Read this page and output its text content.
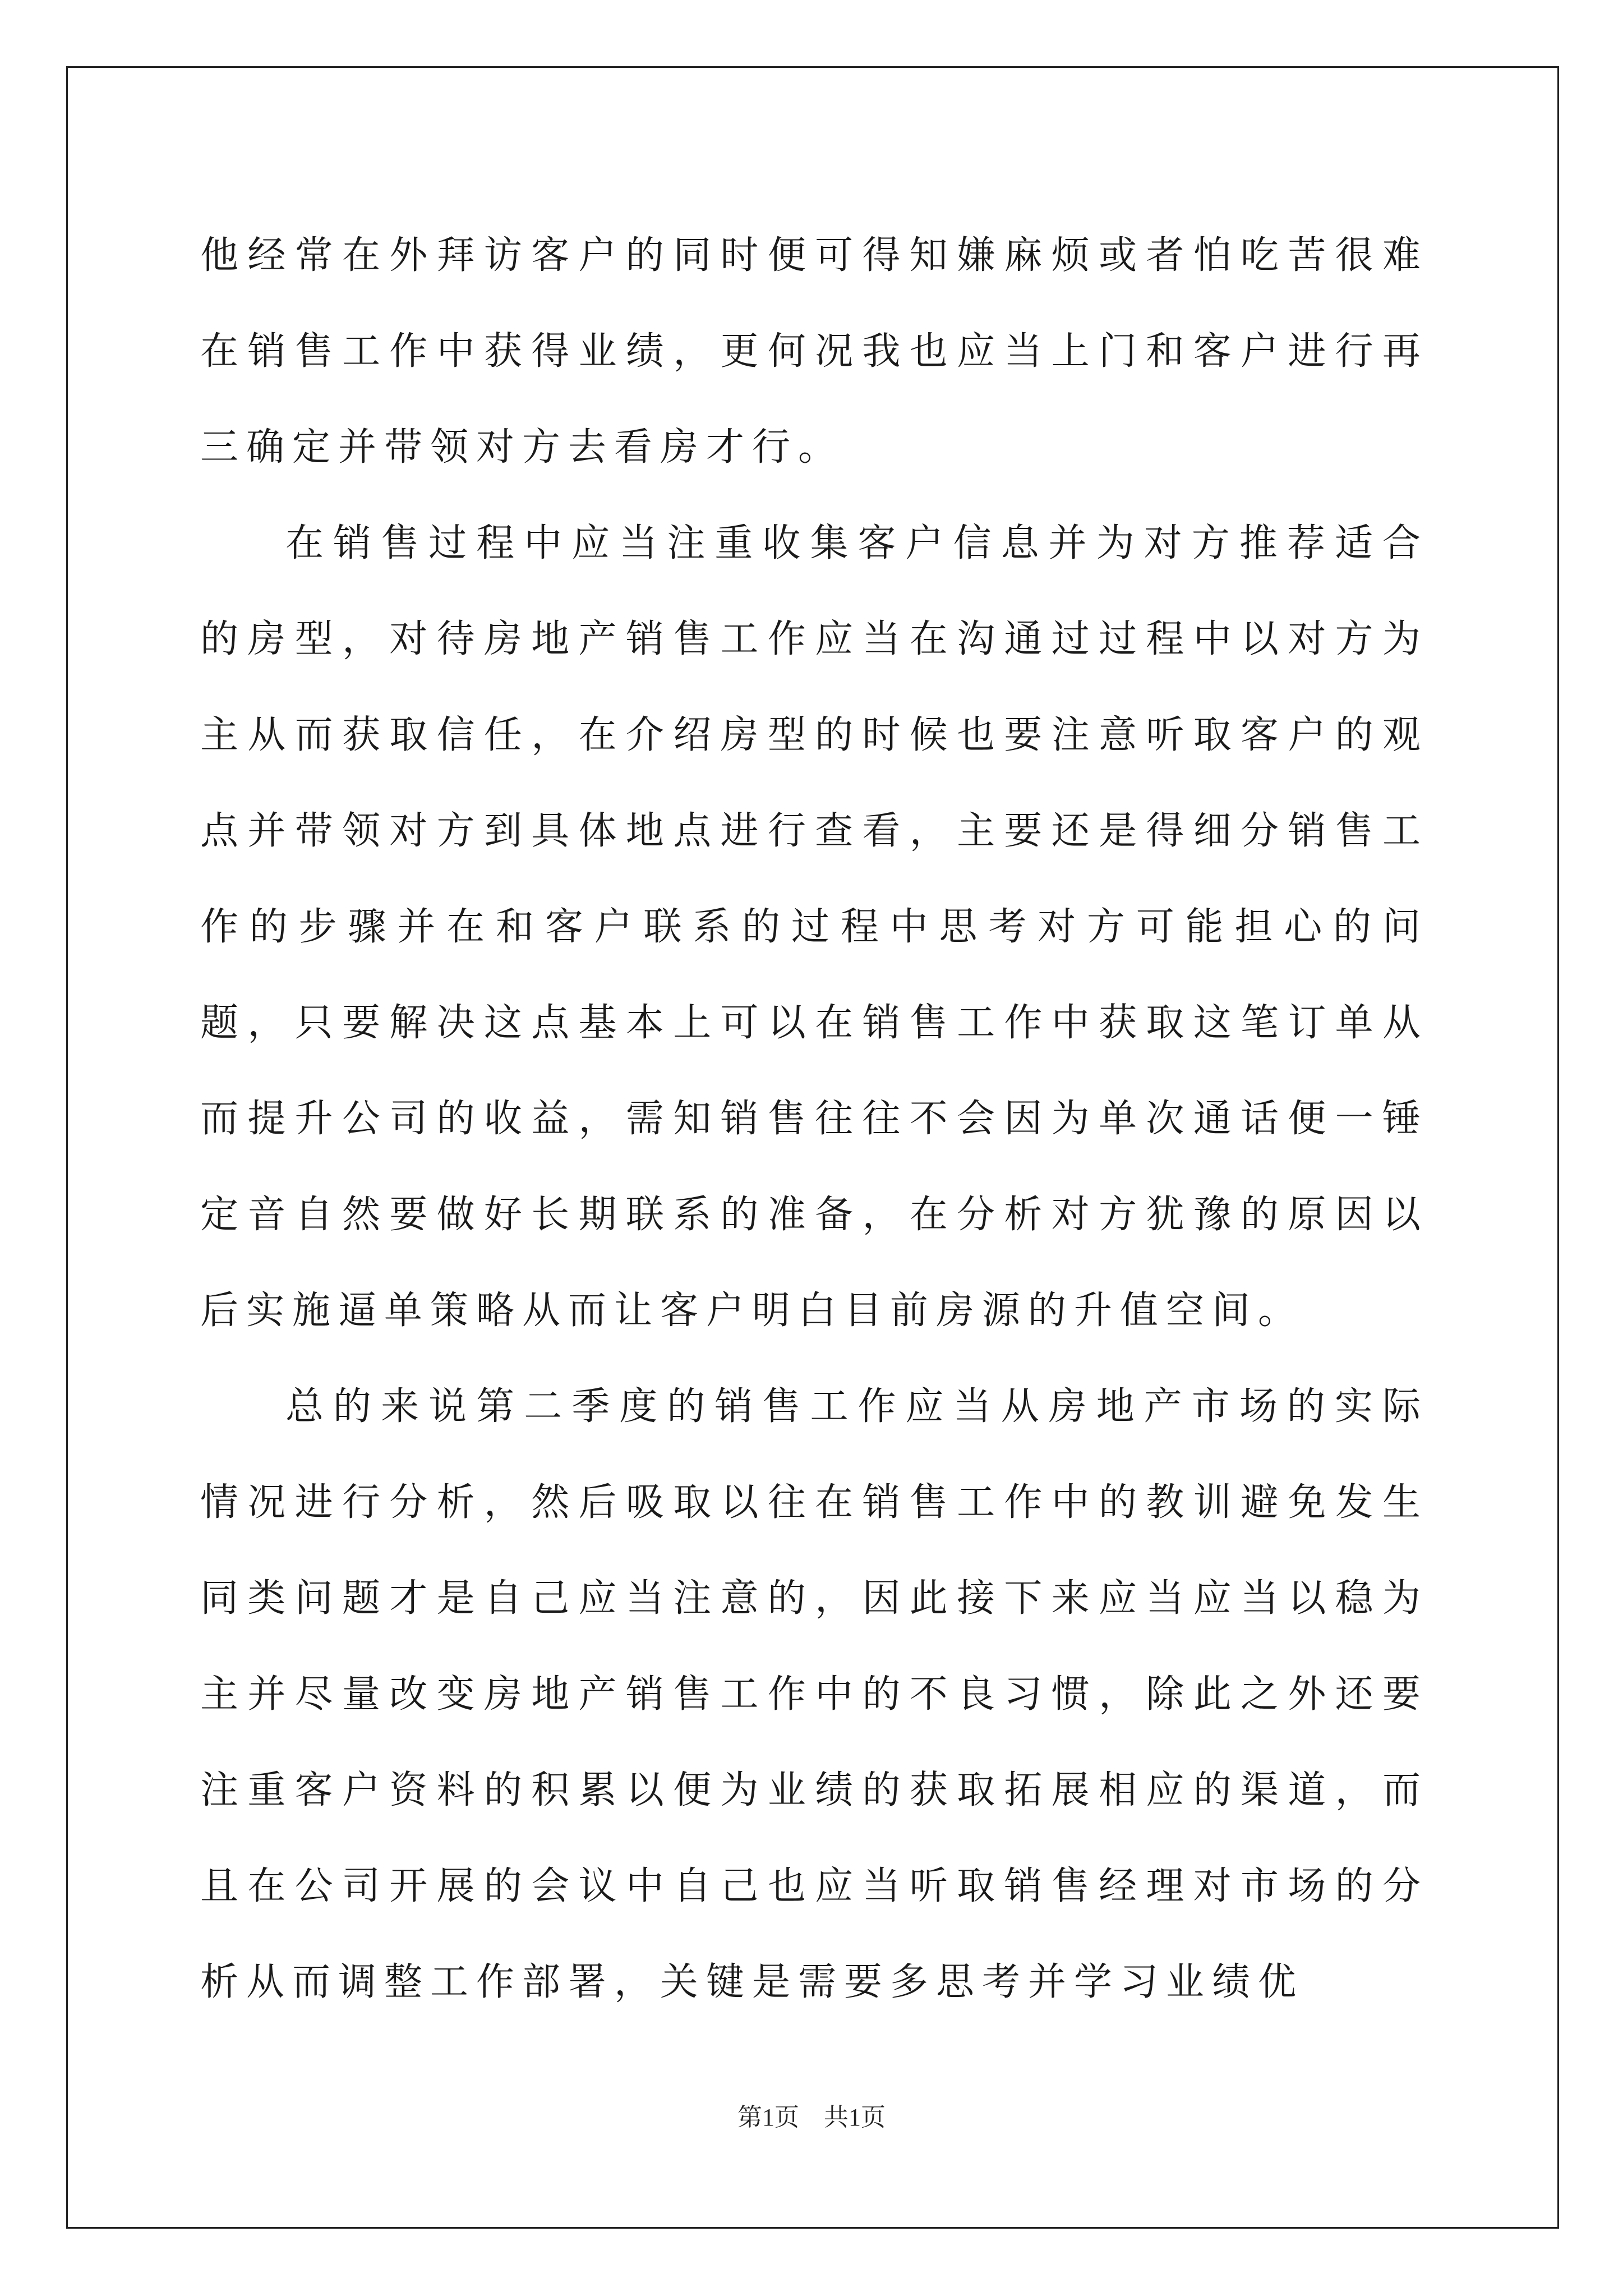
他经常在外拜访客户的同时便可得知嫌麻烦或者怕吃苦很难在销售工作中获得业绩，更何况我也应当上门和客户进行再三确定并带领对方去看房才行。

在销售过程中应当注重收集客户信息并为对方推荐适合的房型，对待房地产销售工作应当在沟通过过程中以对方为主从而获取信任，在介绍房型的时候也要注意听取客户的观点并带领对方到具体地点进行查看，主要还是得细分销售工作的步骤并在和客户联系的过程中思考对方可能担心的问题，只要解决这点基本上可以在销售工作中获取这笔订单从而提升公司的收益，需知销售往往不会因为单次通话便一锤定音自然要做好长期联系的准备，在分析对方犹豫的原因以后实施逼单策略从而让客户明白目前房源的升值空间。

总的来说第二季度的销售工作应当从房地产市场的实际情况进行分析，然后吸取以往在销售工作中的教训避免发生同类问题才是自己应当注意的，因此接下来应当应当以稳为主并尽量改变房地产销售工作中的不良习惯，除此之外还要注重客户资料的积累以便为业绩的获取拓展相应的渠道，而且在公司开展的会议中自己也应当听取销售经理对市场的分析从而调整工作部署，关键是需要多思考并学习业绩优

第1页 共1页
